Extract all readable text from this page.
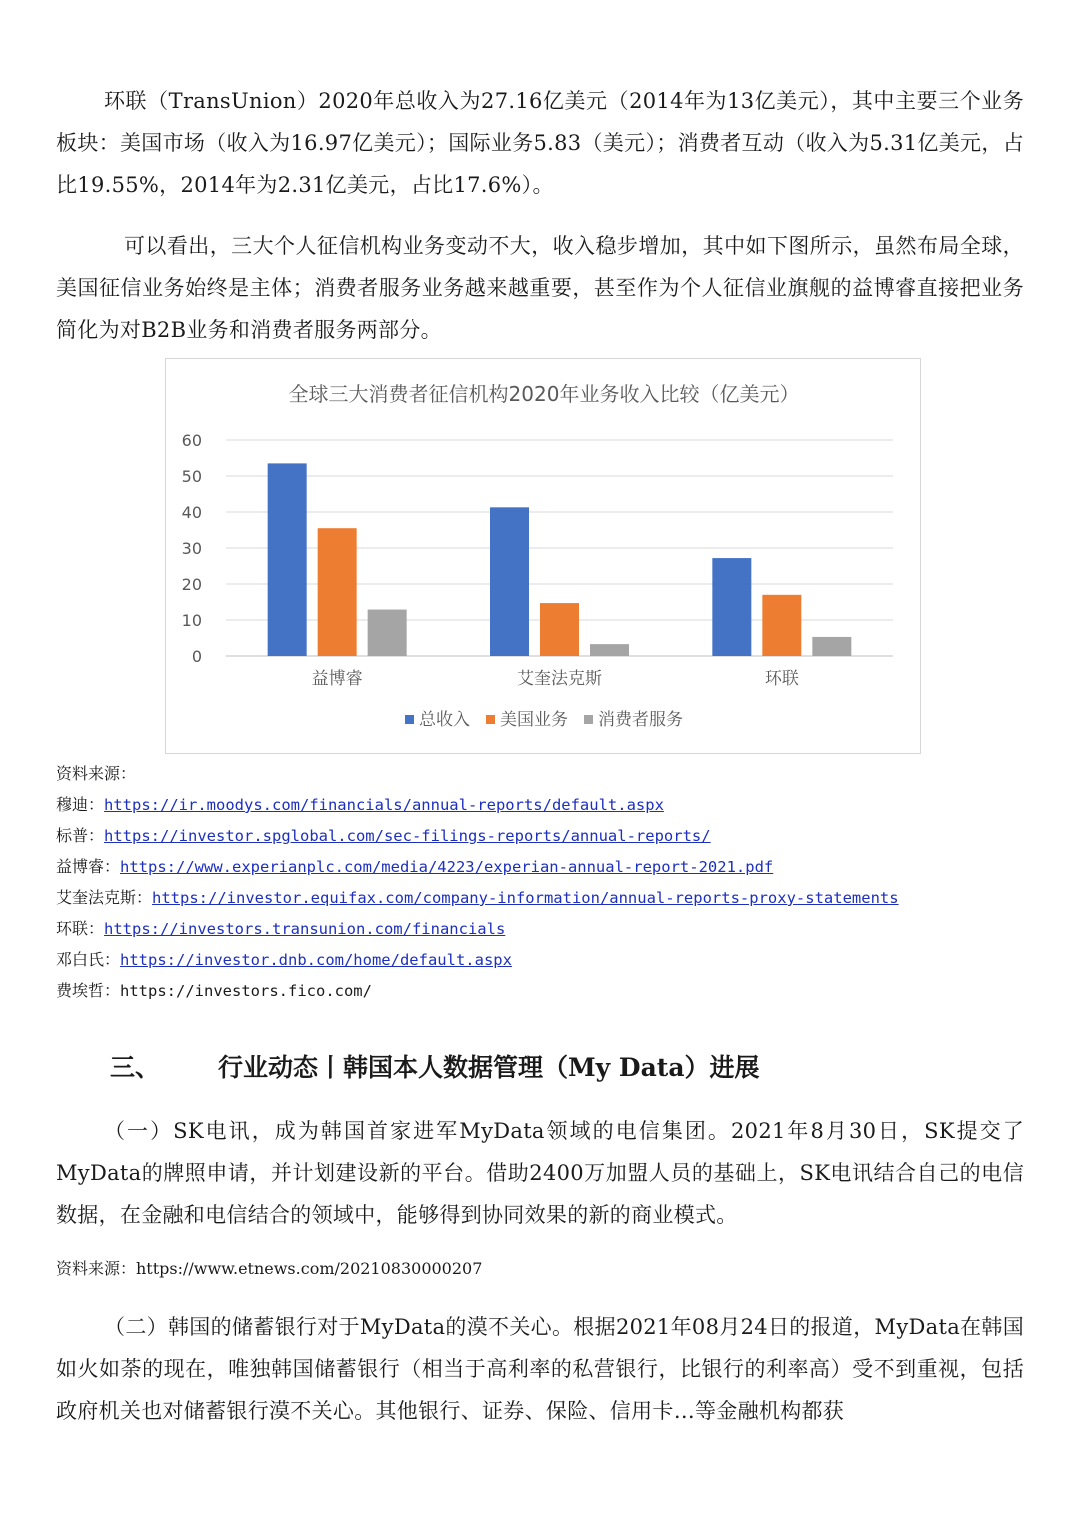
环联（TransUnion）2020年总收入为27.16亿美元（2014年为13亿美元），其中主要三个业务板块：美国市场（收入为16.97亿美元）；国际业务5.83（美元）；消费者互动（收入为5.31亿美元，占比19.55%，2014年为2.31亿美元，占比17.6%）。

可以看出，三大个人征信机构业务变动不大，收入稳步增加，其中如下图所示，虽然布局全球，美国征信业务始终是主体；消费者服务业务越来越重要，甚至作为个人征信业旗舰的益博睿直接把业务简化为对B2B业务和消费者服务两部分。

全球三大消费者征信机构2020年业务收入比较（亿美元）
0
10
20
30
40
50
60
益博睿	艾奎法克斯	环联
总收入 美国业务 消费者服务
资料来源：
穆迪：https://ir.moodys.com/financials/annual-reports/default.aspx
标普：https://investor.spglobal.com/sec-filings-reports/annual-reports/
益博睿：https://www.experianplc.com/media/4223/experian-annual-report-2021.pdf
艾奎法克斯：https://investor.equifax.com/company-information/annual-reports-proxy-statements
环联：https://investors.transunion.com/financials
邓白氏：https://investor.dnb.com/home/default.aspx
费埃哲：https://investors.fico.com/
三、 行业动态丨韩国本人数据管理（My Data）进展

（一）SK电讯，成为韩国首家进军MyData领域的电信集团。2021年8月30日，SK提交了MyData的牌照申请，并计划建设新的平台。借助2400万加盟人员的基础上，SK电讯结合自己的电信数据，在金融和电信结合的领域中，能够得到协同效果的新的商业模式。

资料来源：https://www.etnews.com/20210830000207

（二）韩国的储蓄银行对于MyData的漠不关心。根据2021年08月24日的报道，MyData在韩国如火如荼的现在，唯独韩国储蓄银行（相当于高利率的私营银行，比银行的利率高）受不到重视，包括政府机关也对储蓄银行漠不关心。其他银行、证券、保险、信用卡…等金融机构都获
